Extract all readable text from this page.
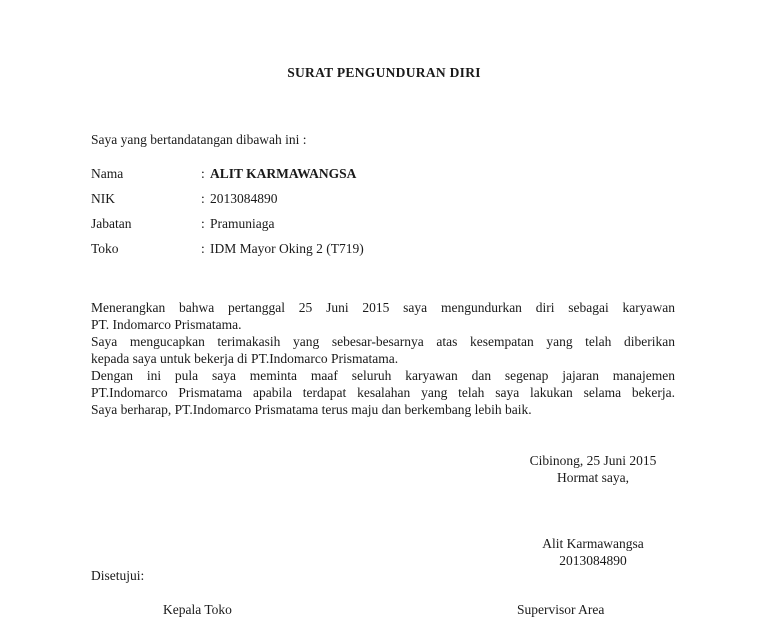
SURAT PENGUNDURAN DIRI
Saya yang bertandatangan dibawah ini :
Nama	: ALIT KARMAWANGSA
NIK	: 2013084890
Jabatan	: Pramuniaga
Toko	: IDM Mayor Oking 2 (T719)
Menerangkan bahwa pertanggal 25 Juni 2015 saya mengundurkan diri sebagai karyawan
PT. Indomarco Prismatama.
Saya mengucapkan terimakasih yang sebesar-besarnya atas kesempatan yang telah diberikan
kepada saya untuk bekerja di PT.Indomarco Prismatama.
Dengan ini pula saya meminta maaf seluruh karyawan dan segenap jajaran manajemen
PT.Indomarco Prismatama apabila terdapat kesalahan yang telah saya lakukan selama bekerja.
Saya berharap, PT.Indomarco Prismatama terus maju dan berkembang lebih baik.
Cibinong, 25 Juni 2015
Hormat saya,
Alit Karmawangsa
2013084890
Disetujui:
Kepala Toko	Supervisor Area
